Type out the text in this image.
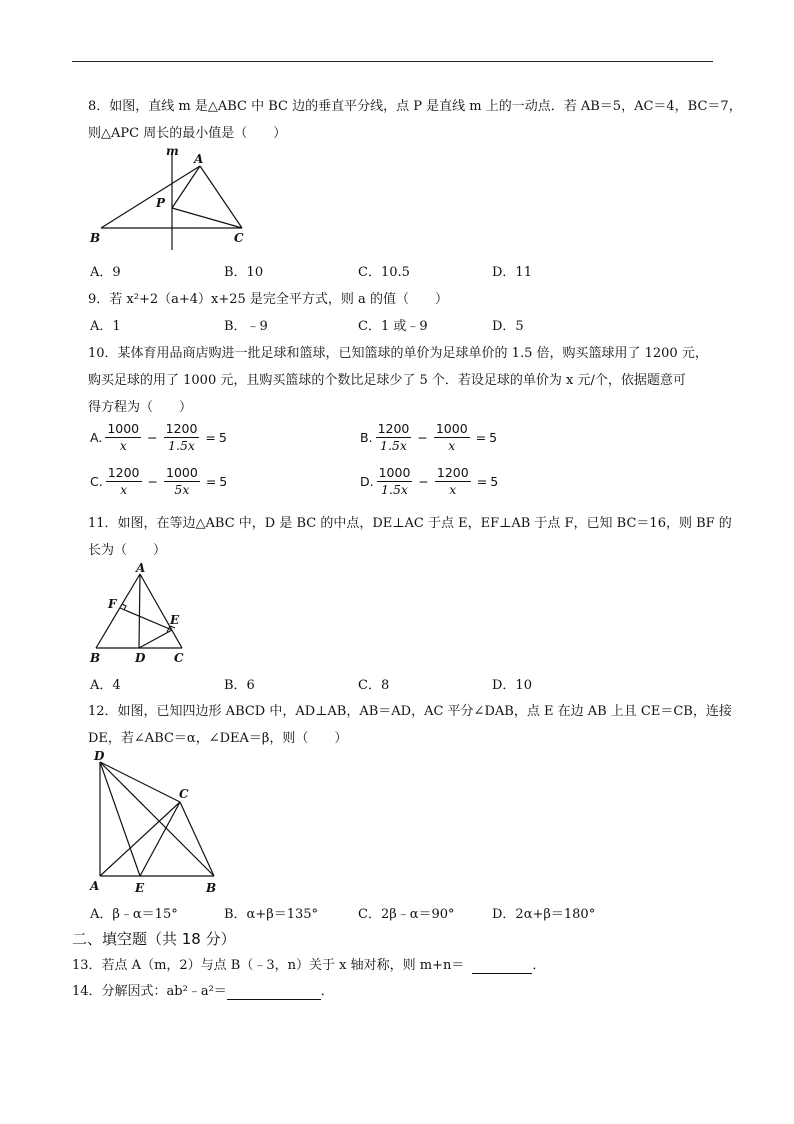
8．如图，直线 m 是△ABC 中 BC 边的垂直平分线，点 P 是直线 m 上的一动点．若 AB＝5，AC＝4，BC＝7，
则△APC 周长的最小值是（　　）
m
A
P
B	C
A．9	B．10	C．10.5	D．11
9．若 x²+2（a+4）x+25 是完全平方式，则 a 的值（　　）
A．1	B．﹣9	C．1 或﹣9	D．5
10．某体育用品商店购进一批足球和篮球，已知篮球的单价为足球单价的 1.5 倍，购买篮球用了 1200 元，
购买足球的用了 1000 元，且购买篮球的个数比足球少了 5 个．若设足球的单价为 x 元/个，依据题意可
得方程为（　　）
A. $\frac{1000}{x} - \frac{1200}{1.5x} = 5$	B. $\frac{1200}{1.5x} - \frac{1000}{x} = 5$
C. $\frac{1200}{x} - \frac{1000}{5x} = 5$	D. $\frac{1000}{1.5x} - \frac{1200}{x} = 5$
11．如图，在等边△ABC 中，D 是 BC 的中点，DE⊥AC 于点 E，EF⊥AB 于点 F，已知 BC＝16，则 BF 的
长为（　　）
A
F
E
B	D C
A．4	B．6	C．8	D．10
12．如图，已知四边形 ABCD 中，AD⊥AB，AB＝AD，AC 平分∠DAB，点 E 在边 AB 上且 CE＝CB，连接
DE，若∠ABC＝α，∠DEA＝β，则（　　）
D
C
A	E	B
A．β﹣α＝15°	B．α+β＝135°	C．2β﹣α＝90°	D．2α+β＝180°
二、填空题（共 18 分）
13．若点 A（m，2）与点 B（﹣3，n）关于 x 轴对称，则 m+n＝	．
14．分解因式：ab²﹣a²＝	．
